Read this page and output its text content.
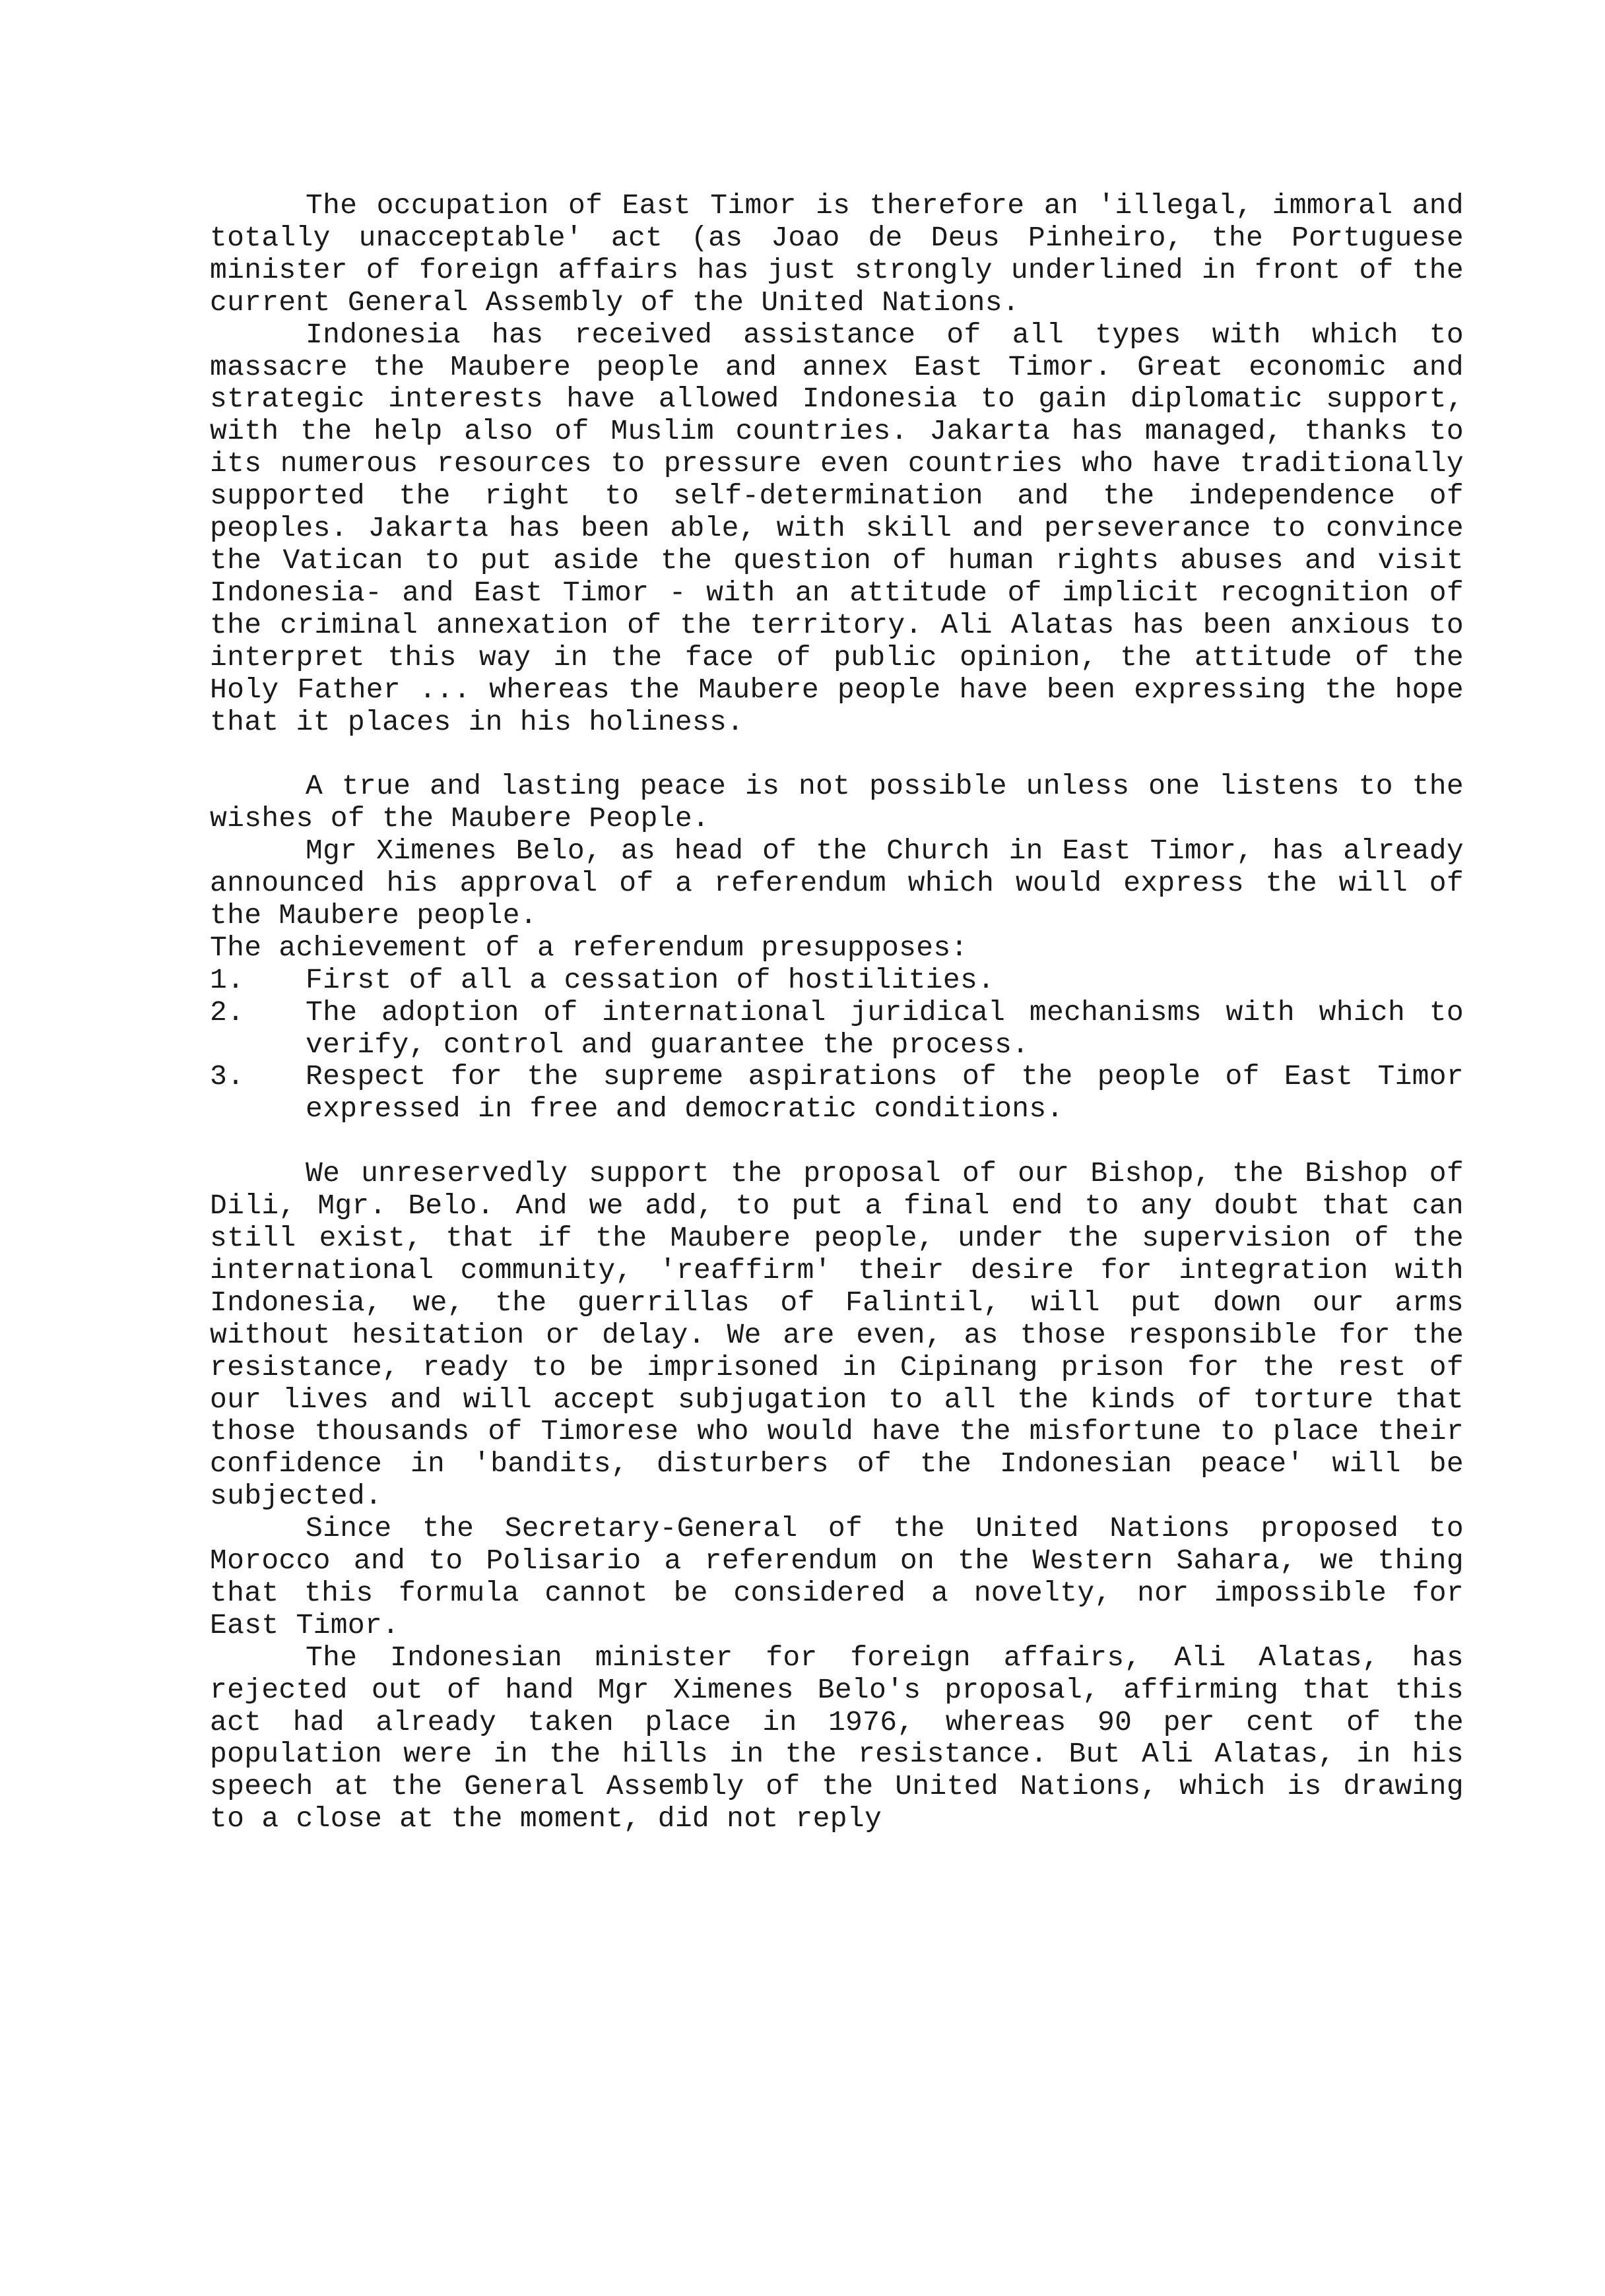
The occupation of East Timor is therefore an 'illegal, immoral and totally unacceptable' act (as Joao de Deus Pinheiro, the Portuguese minister of foreign affairs has just strongly underlined in front of the current General Assembly of the United Nations.

Indonesia has received assistance of all types with which to massacre the Maubere people and annex East Timor. Great economic and strategic interests have allowed Indonesia to gain diplomatic support, with the help also of Muslim countries. Jakarta has managed, thanks to its numerous resources to pressure even countries who have traditionally supported the right to self-determination and the independence of peoples. Jakarta has been able, with skill and perseverance to convince the Vatican to put aside the question of human rights abuses and visit Indonesia- and East Timor - with an attitude of implicit recognition of the criminal annexation of the territory. Ali Alatas has been anxious to interpret this way in the face of public opinion, the attitude of the Holy Father ... whereas the Maubere people have been expressing the hope that it places in his holiness.

A true and lasting peace is not possible unless one listens to the wishes of the Maubere People.

Mgr Ximenes Belo, as head of the Church in East Timor, has already announced his approval of a referendum which would express the will of the Maubere people.

The achievement of a referendum presupposes:

1. First of all a cessation of hostilities.
2. The adoption of international juridical mechanisms with which to verify, control and guarantee the process.
3. Respect for the supreme aspirations of the people of East Timor expressed in free and democratic conditions.

We unreservedly support the proposal of our Bishop, the Bishop of Dili, Mgr. Belo. And we add, to put a final end to any doubt that can still exist, that if the Maubere people, under the supervision of the international community, 'reaffirm' their desire for integration with Indonesia, we, the guerrillas of Falintil, will put down our arms without hesitation or delay. We are even, as those responsible for the resistance, ready to be imprisoned in Cipinang prison for the rest of our lives and will accept subjugation to all the kinds of torture that those thousands of Timorese who would have the misfortune to place their confidence in 'bandits, disturbers of the Indonesian peace' will be subjected.

Since the Secretary-General of the United Nations proposed to Morocco and to Polisario a referendum on the Western Sahara, we thing that this formula cannot be considered a novelty, nor impossible for East Timor.

The Indonesian minister for foreign affairs, Ali Alatas, has rejected out of hand Mgr Ximenes Belo's proposal, affirming that this act had already taken place in 1976, whereas 90 per cent of the population were in the hills in the resistance. But Ali Alatas, in his speech at the General Assembly of the United Nations, which is drawing to a close at the moment, did not reply
